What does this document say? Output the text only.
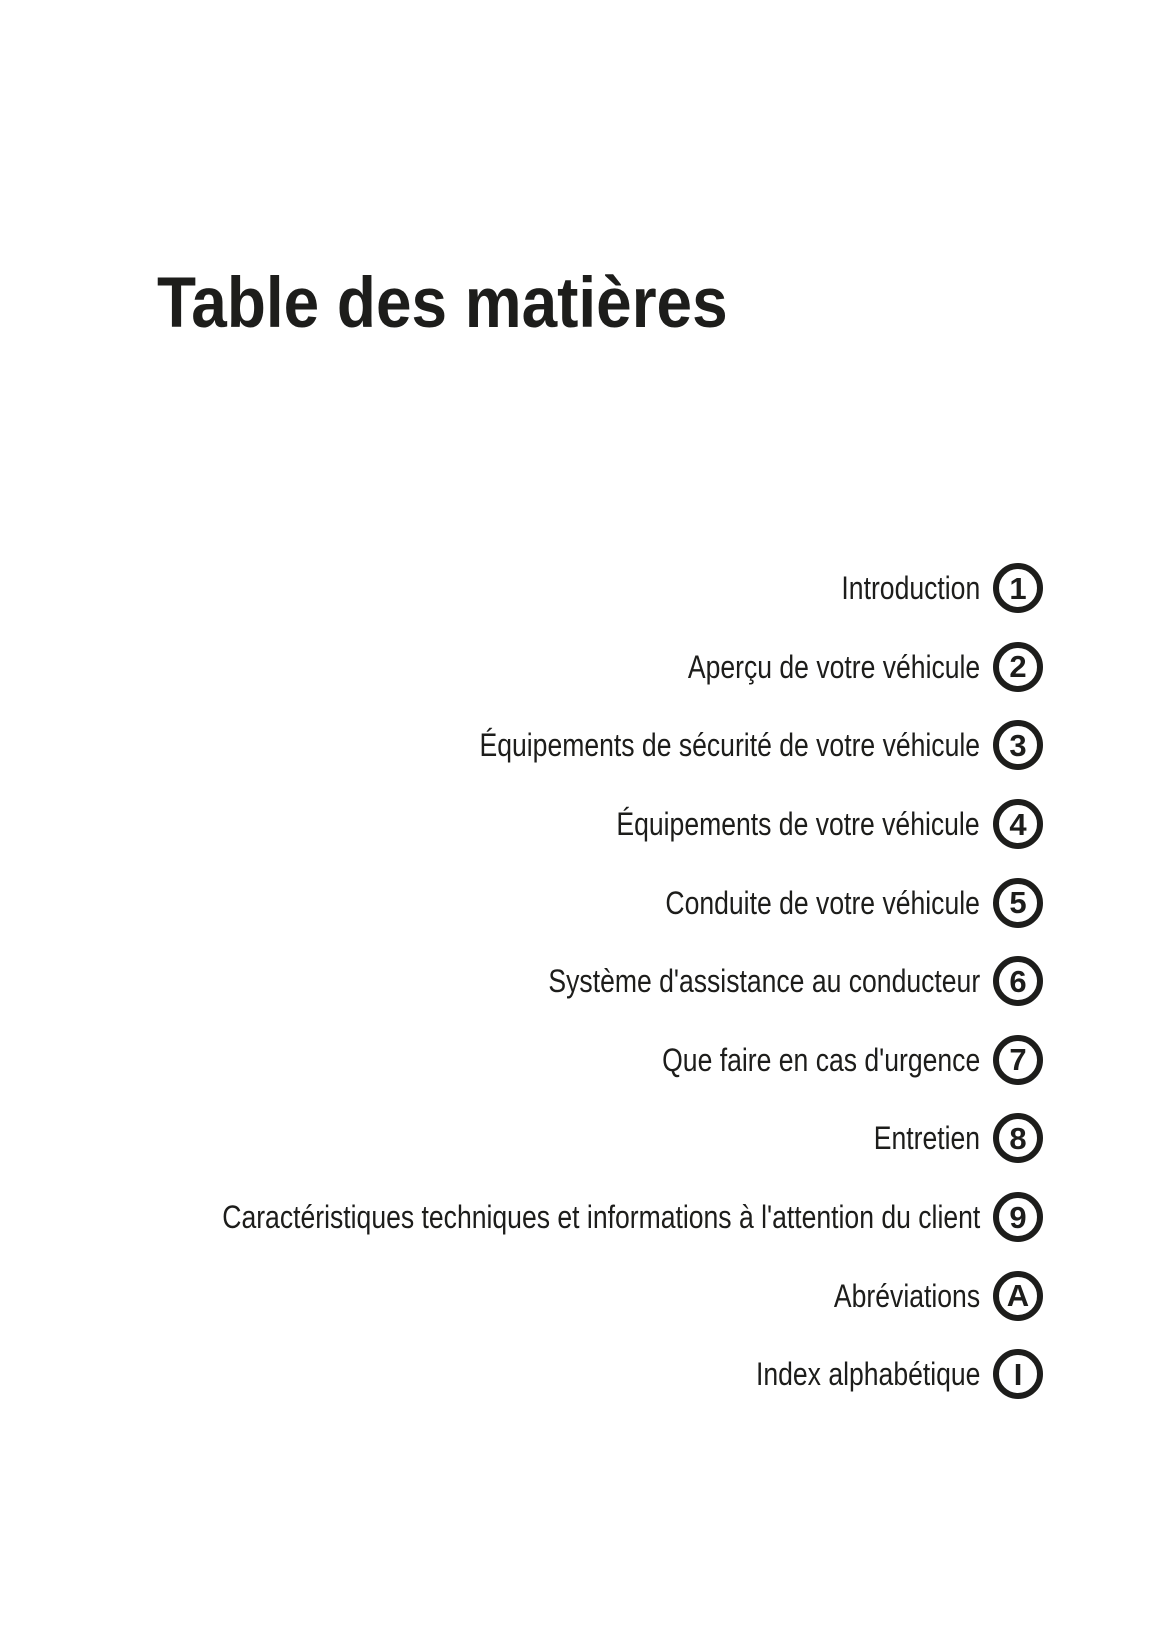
Table des matières
Introduction 1
Aperçu de votre véhicule 2
Équipements de sécurité de votre véhicule 3
Équipements de votre véhicule 4
Conduite de votre véhicule 5
Système d'assistance au conducteur 6
Que faire en cas d'urgence 7
Entretien 8
Caractéristiques techniques et informations à l'attention du client 9
Abréviations A
Index alphabétique	I
